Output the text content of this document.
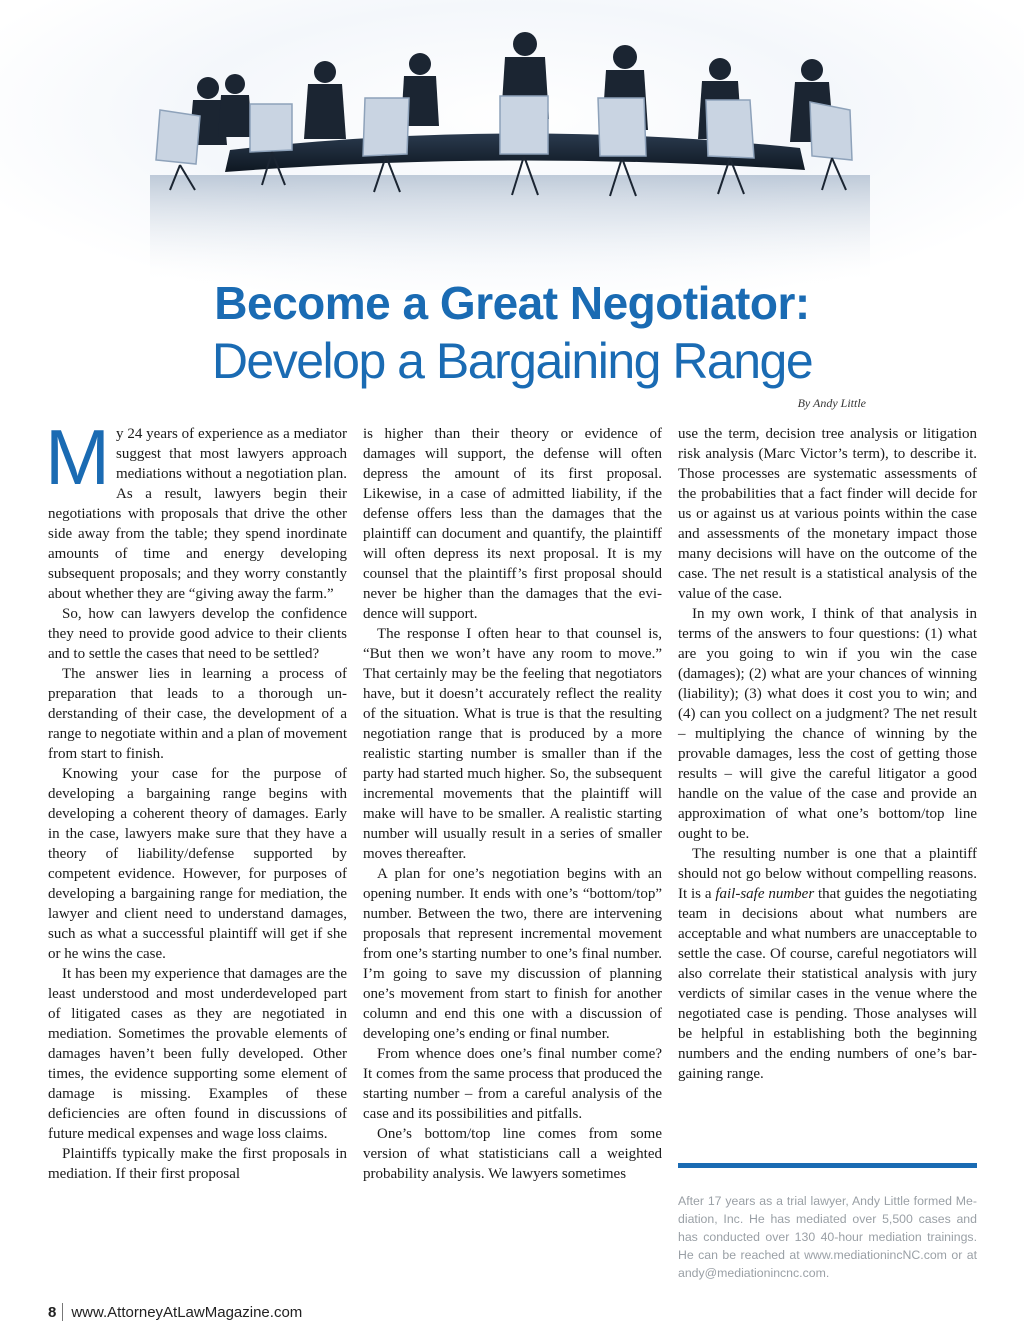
Become a Great Negotiator:
Develop a Bargaining Range
By Andy Little

My 24 years of experience as a mediator suggest that most lawyers approach mediations without a negotiation plan. As a result, lawyers begin their negotiations with proposals that drive the other side away from the table; they spend inordinate amounts of time and energy developing subsequent proposals; and they worry constantly about whether they are “giving away the farm.”

So, how can lawyers develop the confidence they need to provide good advice to their clients and to settle the cases that need to be settled?

The answer lies in learning a process of preparation that leads to a thorough understanding of their case, the development of a range to negotiate within and a plan of movement from start to finish.

Knowing your case for the purpose of developing a bargaining range begins with developing a coherent theory of damages. Early in the case, lawyers make sure that they have a theory of liability/defense supported by competent evidence. However, for purposes of developing a bargaining range for mediation, the lawyer and client need to understand damages, such as what a successful plaintiff will get if she or he wins the case.

It has been my experience that damages are the least understood and most underdeveloped part of litigated cases as they are negotiated in mediation. Sometimes the provable elements of damages haven’t been fully developed. Other times, the evidence supporting some element of damage is missing. Examples of these deficiencies are often found in discussions of future medical expenses and wage loss claims.

Plaintiffs typically make the first proposals in mediation. If their first proposal

is higher than their theory or evidence of damages will support, the defense will often depress the amount of its first proposal. Likewise, in a case of admitted liability, if the defense offers less than the damages that the plaintiff can document and quantify, the plaintiff will often depress its next proposal. It is my counsel that the plaintiff’s first proposal should never be higher than the damages that the evidence will support.

The response I often hear to that counsel is, “But then we won’t have any room to move.” That certainly may be the feeling that negotiators have, but it doesn’t accurately reflect the reality of the situation. What is true is that the resulting negotiation range that is produced by a more realistic starting number is smaller than if the party had started much higher. So, the subsequent incremental movements that the plaintiff will make will have to be smaller. A realistic starting number will usually result in a series of smaller moves thereafter.

A plan for one’s negotiation begins with an opening number. It ends with one’s “bottom/top” number. Between the two, there are intervening proposals that represent incremental movement from one’s starting number to one’s final number. I’m going to save my discussion of planning one’s movement from start to finish for another column and end this one with a discussion of developing one’s ending or final number.

From whence does one’s final number come? It comes from the same process that produced the starting number – from a careful analysis of the case and its possibilities and pitfalls.

One’s bottom/top line comes from some version of what statisticians call a weighted probability analysis. We lawyers sometimes

use the term, decision tree analysis or litigation risk analysis (Marc Victor’s term), to describe it. Those processes are systematic assessments of the probabilities that a fact finder will decide for us or against us at various points within the case and assessments of the monetary impact those many decisions will have on the outcome of the case. The net result is a statistical analysis of the value of the case.

In my own work, I think of that analysis in terms of the answers to four questions: (1) what are you going to win if you win the case (damages); (2) what are your chances of winning (liability); (3) what does it cost you to win; and (4) can you collect on a judgment? The net result – multiplying the chance of winning by the provable damages, less the cost of getting those results – will give the careful litigator a good handle on the value of the case and provide an approximation of what one’s bottom/top line ought to be.

The resulting number is one that a plaintiff should not go below without compelling reasons. It is a fail-safe number that guides the negotiating team in decisions about what numbers are acceptable and what numbers are unacceptable to settle the case. Of course, careful negotiators will also correlate their statistical analysis with jury verdicts of similar cases in the venue where the negotiated case is pending. Those analyses will be helpful in establishing both the beginning numbers and the ending numbers of one’s bargaining range.

After 17 years as a trial lawyer, Andy Little formed Mediation, Inc. He has mediated over 5,500 cases and has conducted over 130 40-hour mediation trainings. He can be reached at www.mediationincNC.com or at andy@mediationincnc.com.
8 www.AttorneyAtLawMagazine.com
